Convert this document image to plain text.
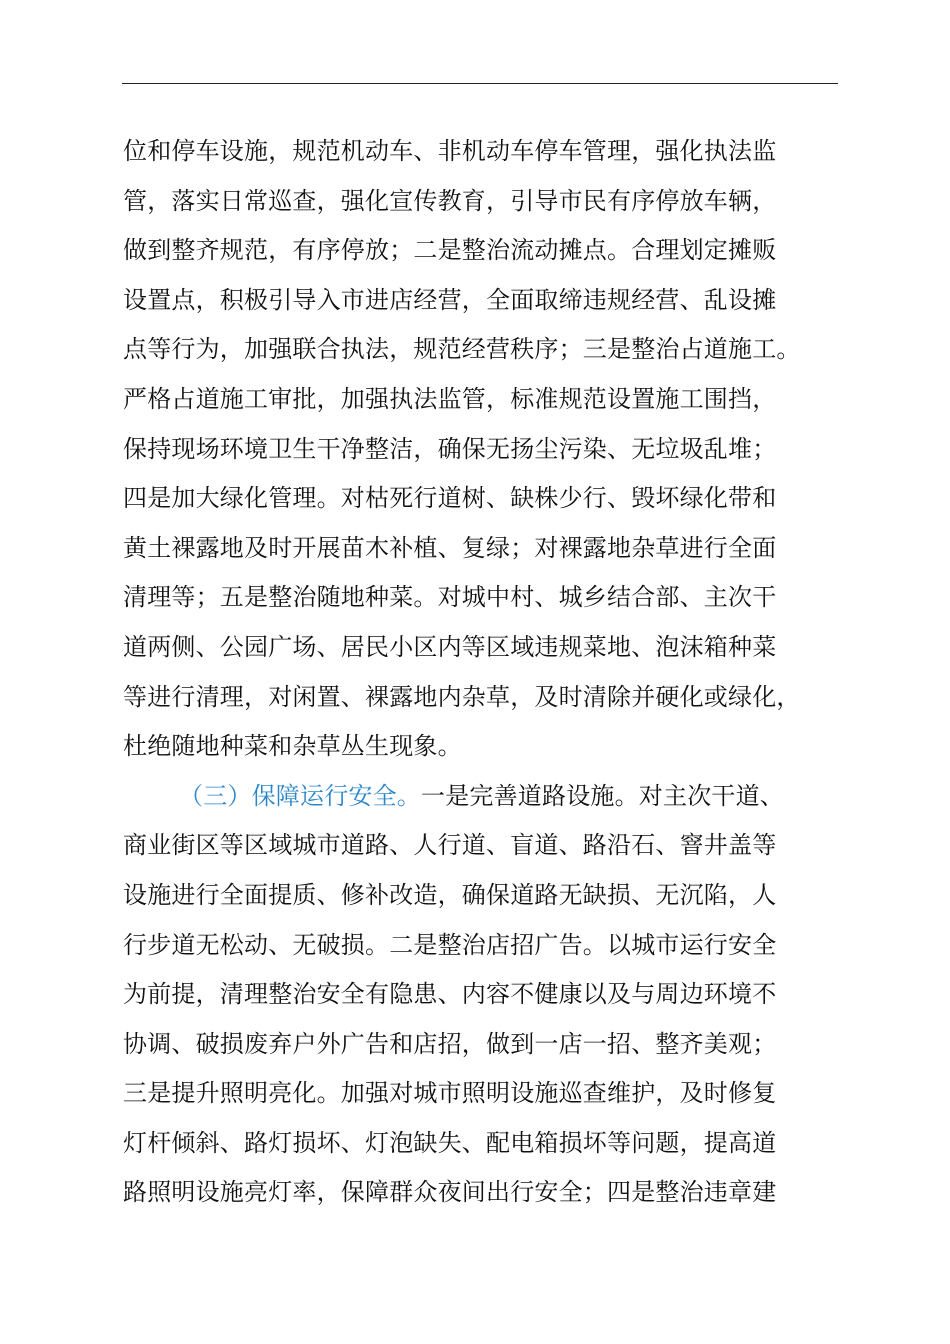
位和停车设施，规范机动车、非机动车停车管理，强化执法监
管，落实日常巡查，强化宣传教育，引导市民有序停放车辆，
做到整齐规范，有序停放；二是整治流动摊点。合理划定摊贩
设置点，积极引导入市进店经营，全面取缔违规经营、乱设摊
点等行为，加强联合执法，规范经营秩序；三是整治占道施工。
严格占道施工审批，加强执法监管，标准规范设置施工围挡，
保持现场环境卫生干净整洁，确保无扬尘污染、无垃圾乱堆；
四是加大绿化管理。对枯死行道树、缺株少行、毁坏绿化带和
黄土裸露地及时开展苗木补植、复绿；对裸露地杂草进行全面
清理等；五是整治随地种菜。对城中村、城乡结合部、主次干
道两侧、公园广场、居民小区内等区域违规菜地、泡沫箱种菜
等进行清理，对闲置、裸露地内杂草，及时清除并硬化或绿化，
杜绝随地种菜和杂草丛生现象。
（三）保障运行安全。一是完善道路设施。对主次干道、
商业街区等区域城市道路、人行道、盲道、路沿石、窨井盖等
设施进行全面提质、修补改造，确保道路无缺损、无沉陷，人
行步道无松动、无破损。二是整治店招广告。以城市运行安全
为前提，清理整治安全有隐患、内容不健康以及与周边环境不
协调、破损废弃户外广告和店招，做到一店一招、整齐美观；
三是提升照明亮化。加强对城市照明设施巡查维护，及时修复
灯杆倾斜、路灯损坏、灯泡缺失、配电箱损坏等问题，提高道
路照明设施亮灯率，保障群众夜间出行安全；四是整治违章建
